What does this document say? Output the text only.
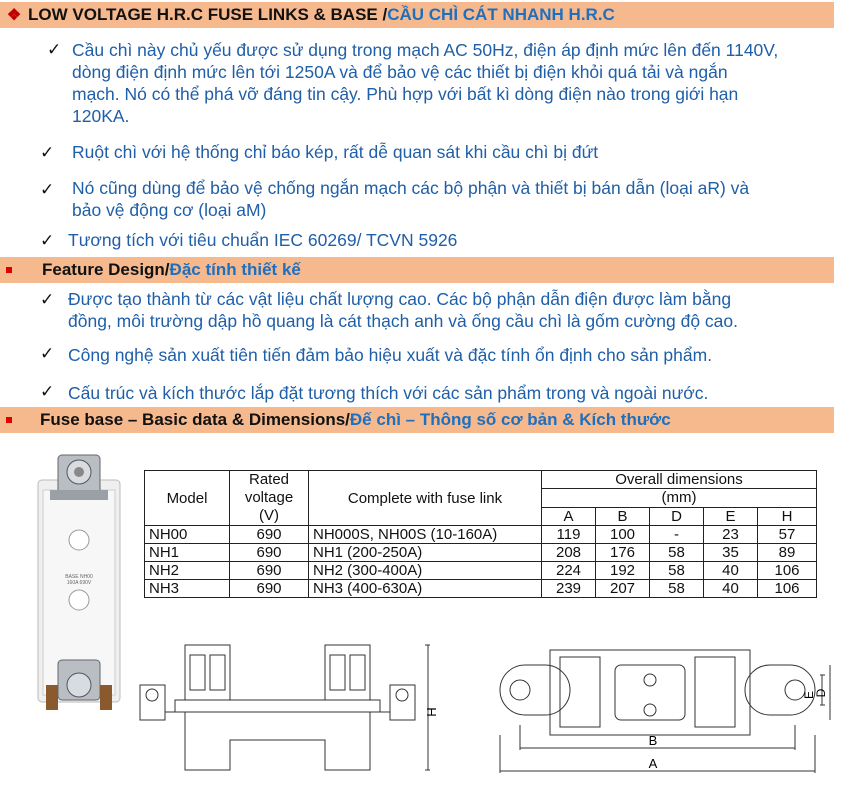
❖ LOW VOLTAGE H.R.C FUSE LINKS & BASE / CẦU CHÌ CÁT NHANH H.R.C
✓ Cầu chì này chủ yếu được sử dụng trong mạch AC 50Hz, điện áp định mức lên đến 1140V,
dòng điện định mức lên tới 1250A và để bảo vệ các thiết bị điện khỏi quá tải và ngắn
mạch. Nó có thể phá vỡ đáng tin cậy. Phù hợp với bất kì dòng điện nào trong giới hạn
120KA.
✓ Ruột chì với hệ thống chỉ báo kép, rất dễ quan sát khi cầu chì bị đứt
✓ Nó cũng dùng để bảo vệ chống ngắn mạch các bộ phận và thiết bị bán dẫn (loại aR) và
bảo vệ động cơ (loại aM)
✓ Tương tích với tiêu chuẩn IEC 60269/ TCVN 5926
Feature Design/ Đặc tính thiết kế
✓ Được tạo thành từ các vật liệu chất lượng cao. Các bộ phận dẫn điện được làm bằng
đồng, môi trường dập hồ quang là cát thạch anh và ống cầu chì là gốm cường độ cao.
✓ Công nghệ sản xuất tiên tiến đảm bảo hiệu xuất và đặc tính ổn định cho sản phẩm.
✓ Cấu trúc và kích thước lắp đặt tương thích với các sản phẩm trong và ngoài nước.
Fuse base – Basic data & Dimensions/ Đế chì – Thông số cơ bản & Kích thước
BASE NH00
160A 690V
Model	Rated
voltage
(V)	Complete with fuse link	Overall dimensions				

			(mm)				
			A	B	D	E	H
NH00	690	NH000S, NH00S (10-160A)	119	100	-	23	57
NH1	690	NH1 (200-250A)	208	176	58	35	89
NH2	690	NH2 (300-400A)	224	192	58	40	106
NH3	690	NH3 (400-630A)	239	207	58	40	106
H
B
A
E
D
